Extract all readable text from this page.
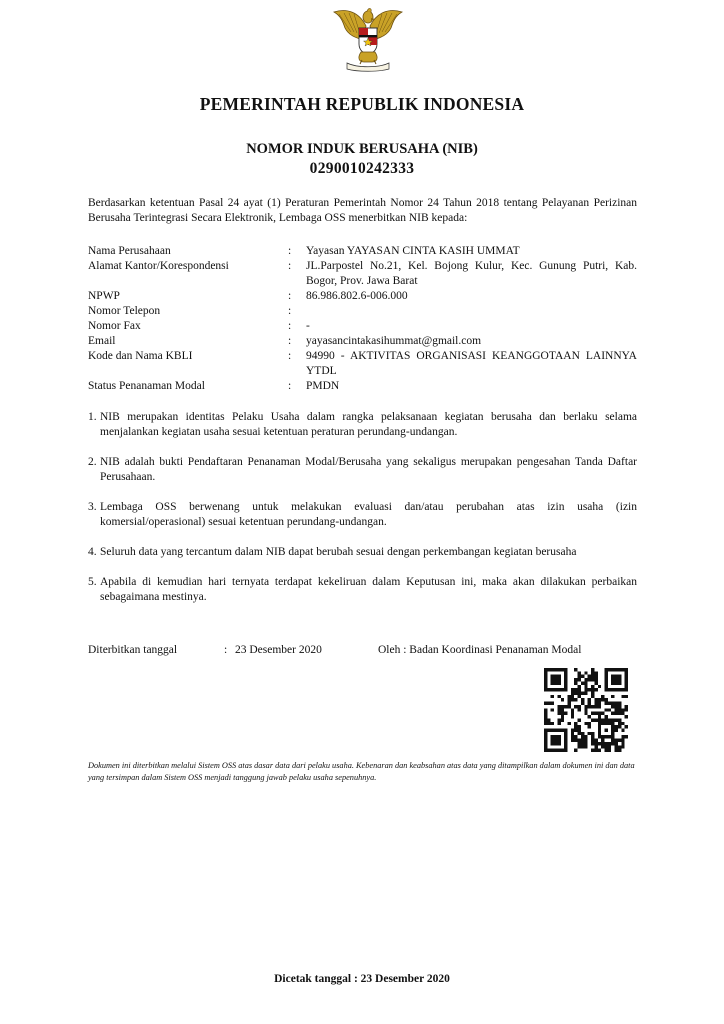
PEMERINTAH REPUBLIK INDONESIA
NOMOR INDUK BERUSAHA (NIB)
0290010242333
Berdasarkan ketentuan Pasal 24 ayat (1) Peraturan Pemerintah Nomor 24 Tahun 2018 tentang Pelayanan Perizinan Berusaha Terintegrasi Secara Elektronik, Lembaga OSS menerbitkan NIB kepada:
Nama Perusahaan	:	Yayasan YAYASAN CINTA KASIH UMMAT
Alamat Kantor/Korespondensi	:	JL.Parpostel No.21, Kel. Bojong Kulur, Kec. Gunung Putri, Kab. Bogor, Prov. Jawa Barat
NPWP	:	86.986.802.6-006.000
Nomor Telepon	:
Nomor Fax	:	-
Email	:	yayasancintakasihummat@gmail.com
Kode dan Nama KBLI	:	94990 - AKTIVITAS ORGANISASI KEANGGOTAAN LAINNYA YTDL
Status Penanaman Modal	:	PMDN
1. NIB merupakan identitas Pelaku Usaha dalam rangka pelaksanaan kegiatan berusaha dan berlaku selama menjalankan kegiatan usaha sesuai ketentuan peraturan perundang-undangan.
2. NIB adalah bukti Pendaftaran Penanaman Modal/Berusaha yang sekaligus merupakan pengesahan Tanda Daftar Perusahaan.
3. Lembaga OSS berwenang untuk melakukan evaluasi dan/atau perubahan atas izin usaha (izin komersial/operasional) sesuai ketentuan perundang-undangan.
4. Seluruh data yang tercantum dalam NIB dapat berubah sesuai dengan perkembangan kegiatan berusaha
5. Apabila di kemudian hari ternyata terdapat kekeliruan dalam Keputusan ini, maka akan dilakukan perbaikan sebagaimana mestinya.
Diterbitkan tanggal	: 23 Desember 2020	Oleh : Badan Koordinasi Penanaman Modal
Dokumen ini diterbitkan melalui Sistem OSS atas dasar data dari pelaku usaha. Kebenaran dan keabsahan atas data yang ditampilkan dalam dokumen ini dan data yang tersimpan dalam Sistem OSS menjadi tanggung jawab pelaku usaha sepenuhnya.
Dicetak tanggal : 23 Desember 2020
